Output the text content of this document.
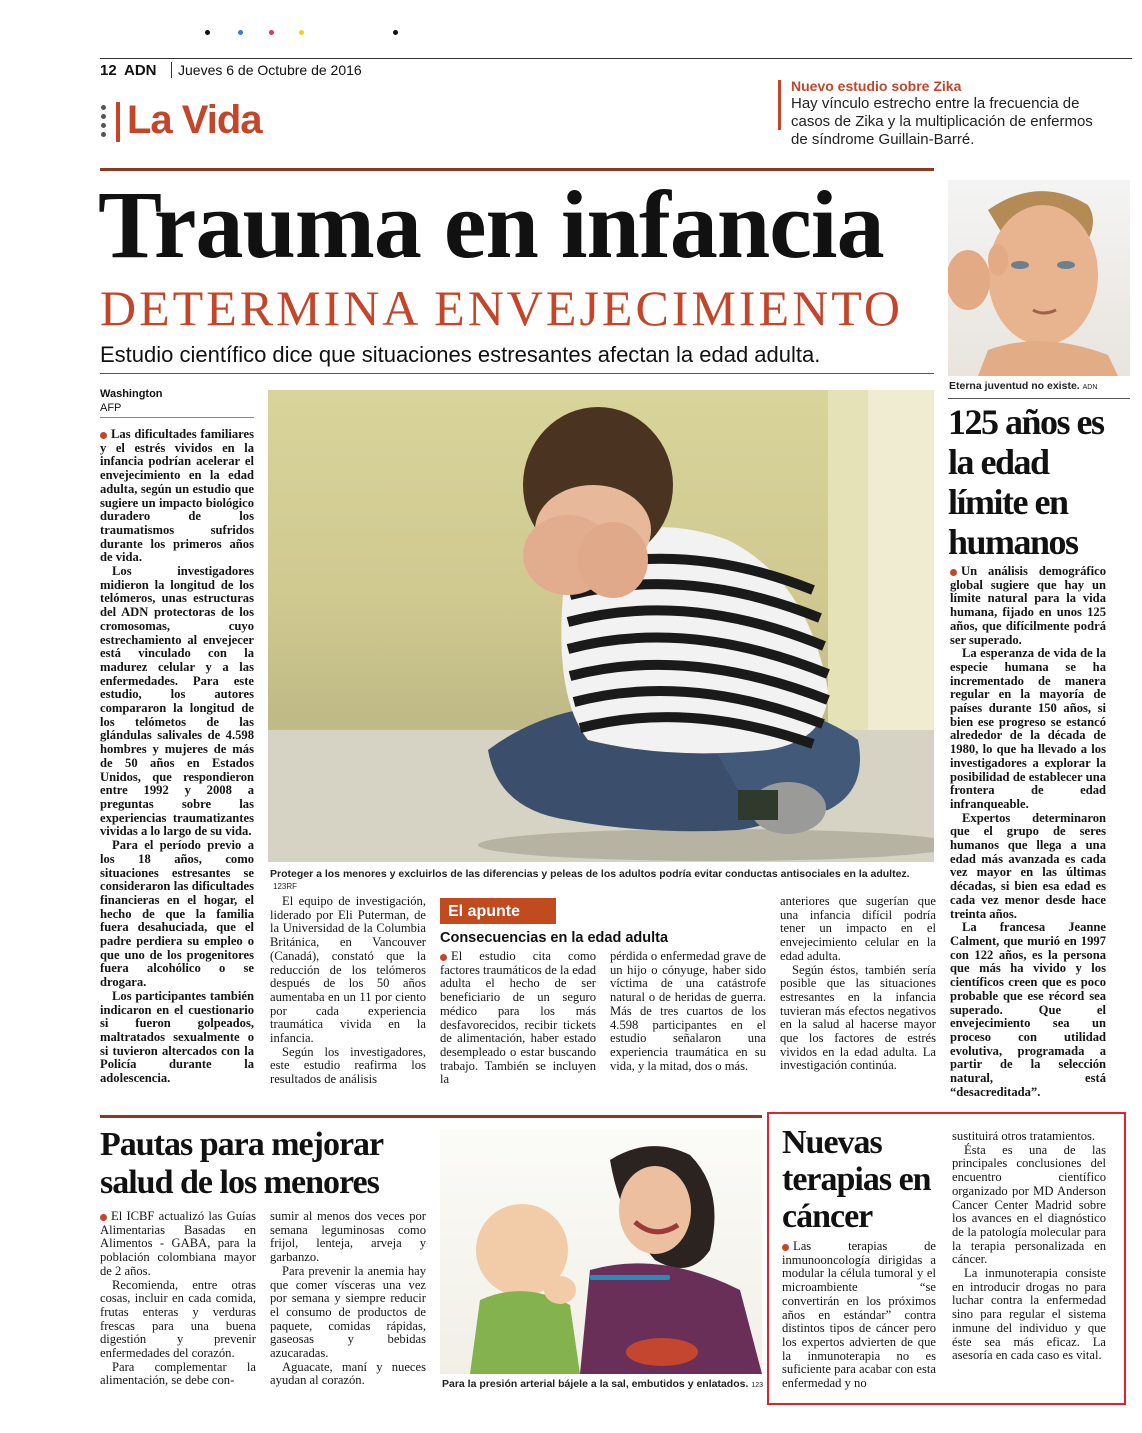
12 ADN Jueves 6 de Octubre de 2016
La Vida
Nuevo estudio sobre Zika
Hay vínculo estrecho entre la frecuencia de casos de Zika y la multiplicación de enfermos de síndrome Guillain-Barré.
Trauma en infancia
DETERMINA ENVEJECIMIENTO
Estudio científico dice que situaciones estresantes afectan la edad adulta.
Washington
AFP

Las dificultades familiares y el estrés vividos en la infancia podrían acelerar el envejecimiento en la edad adulta, según un estudio que sugiere un impacto biológico duradero de los traumatismos sufridos durante los primeros años de vida.

Los investigadores midieron la longitud de los telómeros, unas estructuras del ADN protectoras de los cromosomas, cuyo estrechamiento al envejecer está vinculado con la madurez celular y a las enfermedades. Para este estudio, los autores compararon la longitud de los telómetos de las glándulas salivales de 4.598 hombres y mujeres de más de 50 años en Estados Unidos, que respondieron entre 1992 y 2008 a preguntas sobre las experiencias traumatizantes vividas a lo largo de su vida.

Para el período previo a los 18 años, como situaciones estresantes se consideraron las dificultades financieras en el hogar, el hecho de que la familia fuera desahuciada, que el padre perdiera su empleo o que uno de los progenitores fuera alcohólico o se drogara.

Los participantes también indicaron en el cuestionario si fueron golpeados, maltratados sexualmente o si tuvieron altercados con la Policía durante la adolescencia.

Proteger a los menores y excluirlos de las diferencias y peleas de los adultos podría evitar conductas antisociales en la adultez. 123RF

El equipo de investigación, liderado por Eli Puterman, de la Universidad de la Columbia Británica, en Vancouver (Canadá), constató que la reducción de los telómeros después de los 50 años aumentaba en un 11 por ciento por cada experiencia traumática vivida en la infancia.

Según los investigadores, este estudio reafirma los resultados de análisis

El apunte
Consecuencias en la edad adulta

El estudio cita como factores traumáticos de la edad adulta el hecho de ser beneficiario de un seguro médico para los más desfavorecidos, recibir tickets de alimentación, haber estado desempleado o estar buscando trabajo. También se incluyen la

pérdida o enfermedad grave de un hijo o cónyuge, haber sido víctima de una catástrofe natural o de heridas de guerra. Más de tres cuartos de los 4.598 participantes en el estudio señalaron una experiencia traumática en su vida, y la mitad, dos o más.

anteriores que sugerían que una infancia difícil podría tener un impacto en el envejecimiento celular en la edad adulta.

Según éstos, también sería posible que las situaciones estresantes en la infancia tuvieran más efectos negativos en la salud al hacerse mayor que los factores de estrés vividos en la edad adulta. La investigación continúa.

Eterna juventud no existe. ADN
125 años es la edad límite en humanos

Un análisis demográfico global sugiere que hay un límite natural para la vida humana, fijado en unos 125 años, que difícilmente podrá ser superado.

La esperanza de vida de la especie humana se ha incrementado de manera regular en la mayoría de países durante 150 años, si bien ese progreso se estancó alrededor de la década de 1980, lo que ha llevado a los investigadores a explorar la posibilidad de establecer una frontera de edad infranqueable.

Expertos determinaron que el grupo de seres humanos que llega a una edad más avanzada es cada vez mayor en las últimas décadas, si bien esa edad es cada vez menor desde hace treinta años.

La francesa Jeanne Calment, que murió en 1997 con 122 años, es la persona que más ha vivido y los científicos creen que es poco probable que ese récord sea superado. Que el envejecimiento sea un proceso con utilidad evolutiva, programada a partir de la selección natural, está “desacreditada”.

Pautas para mejorar salud de los menores

El ICBF actualizó las Guías Alimentarias Basadas en Alimentos - GABA, para la población colombiana mayor de 2 años.

Recomienda, entre otras cosas, incluir en cada comida, frutas enteras y verduras frescas para una buena digestión y prevenir enfermedades del corazón.

Para complementar la alimentación, se debe con-

sumir al menos dos veces por semana leguminosas como frijol, lenteja, arveja y garbanzo.

Para prevenir la anemia hay que comer vísceras una vez por semana y siempre reducir el consumo de productos de paquete, comidas rápidas, gaseosas y bebidas azucaradas.

Aguacate, maní y nueces ayudan al corazón.	Para la presión arterial bájele a la sal, embutidos y enlatados. 123
Nuevas terapias en cáncer

Las terapias de inmunooncología dirigidas a modular la célula tumoral y el microambiente “se convertirán en los próximos años en estándar” contra distintos tipos de cáncer pero los expertos advierten de que la inmunoterapia no es suficiente para acabar con esta enfermedad y no

sustituirá otros tratamientos.

Ésta es una de las principales conclusiones del encuentro científico organizado por MD Anderson Cancer Center Madrid sobre los avances en el diagnóstico de la patología molecular para la terapia personalizada en cáncer.

La inmunoterapia consiste en introducir drogas no para luchar contra la enfermedad sino para regular el sistema inmune del individuo y que éste sea más eficaz. La asesoría en cada caso es vital.
